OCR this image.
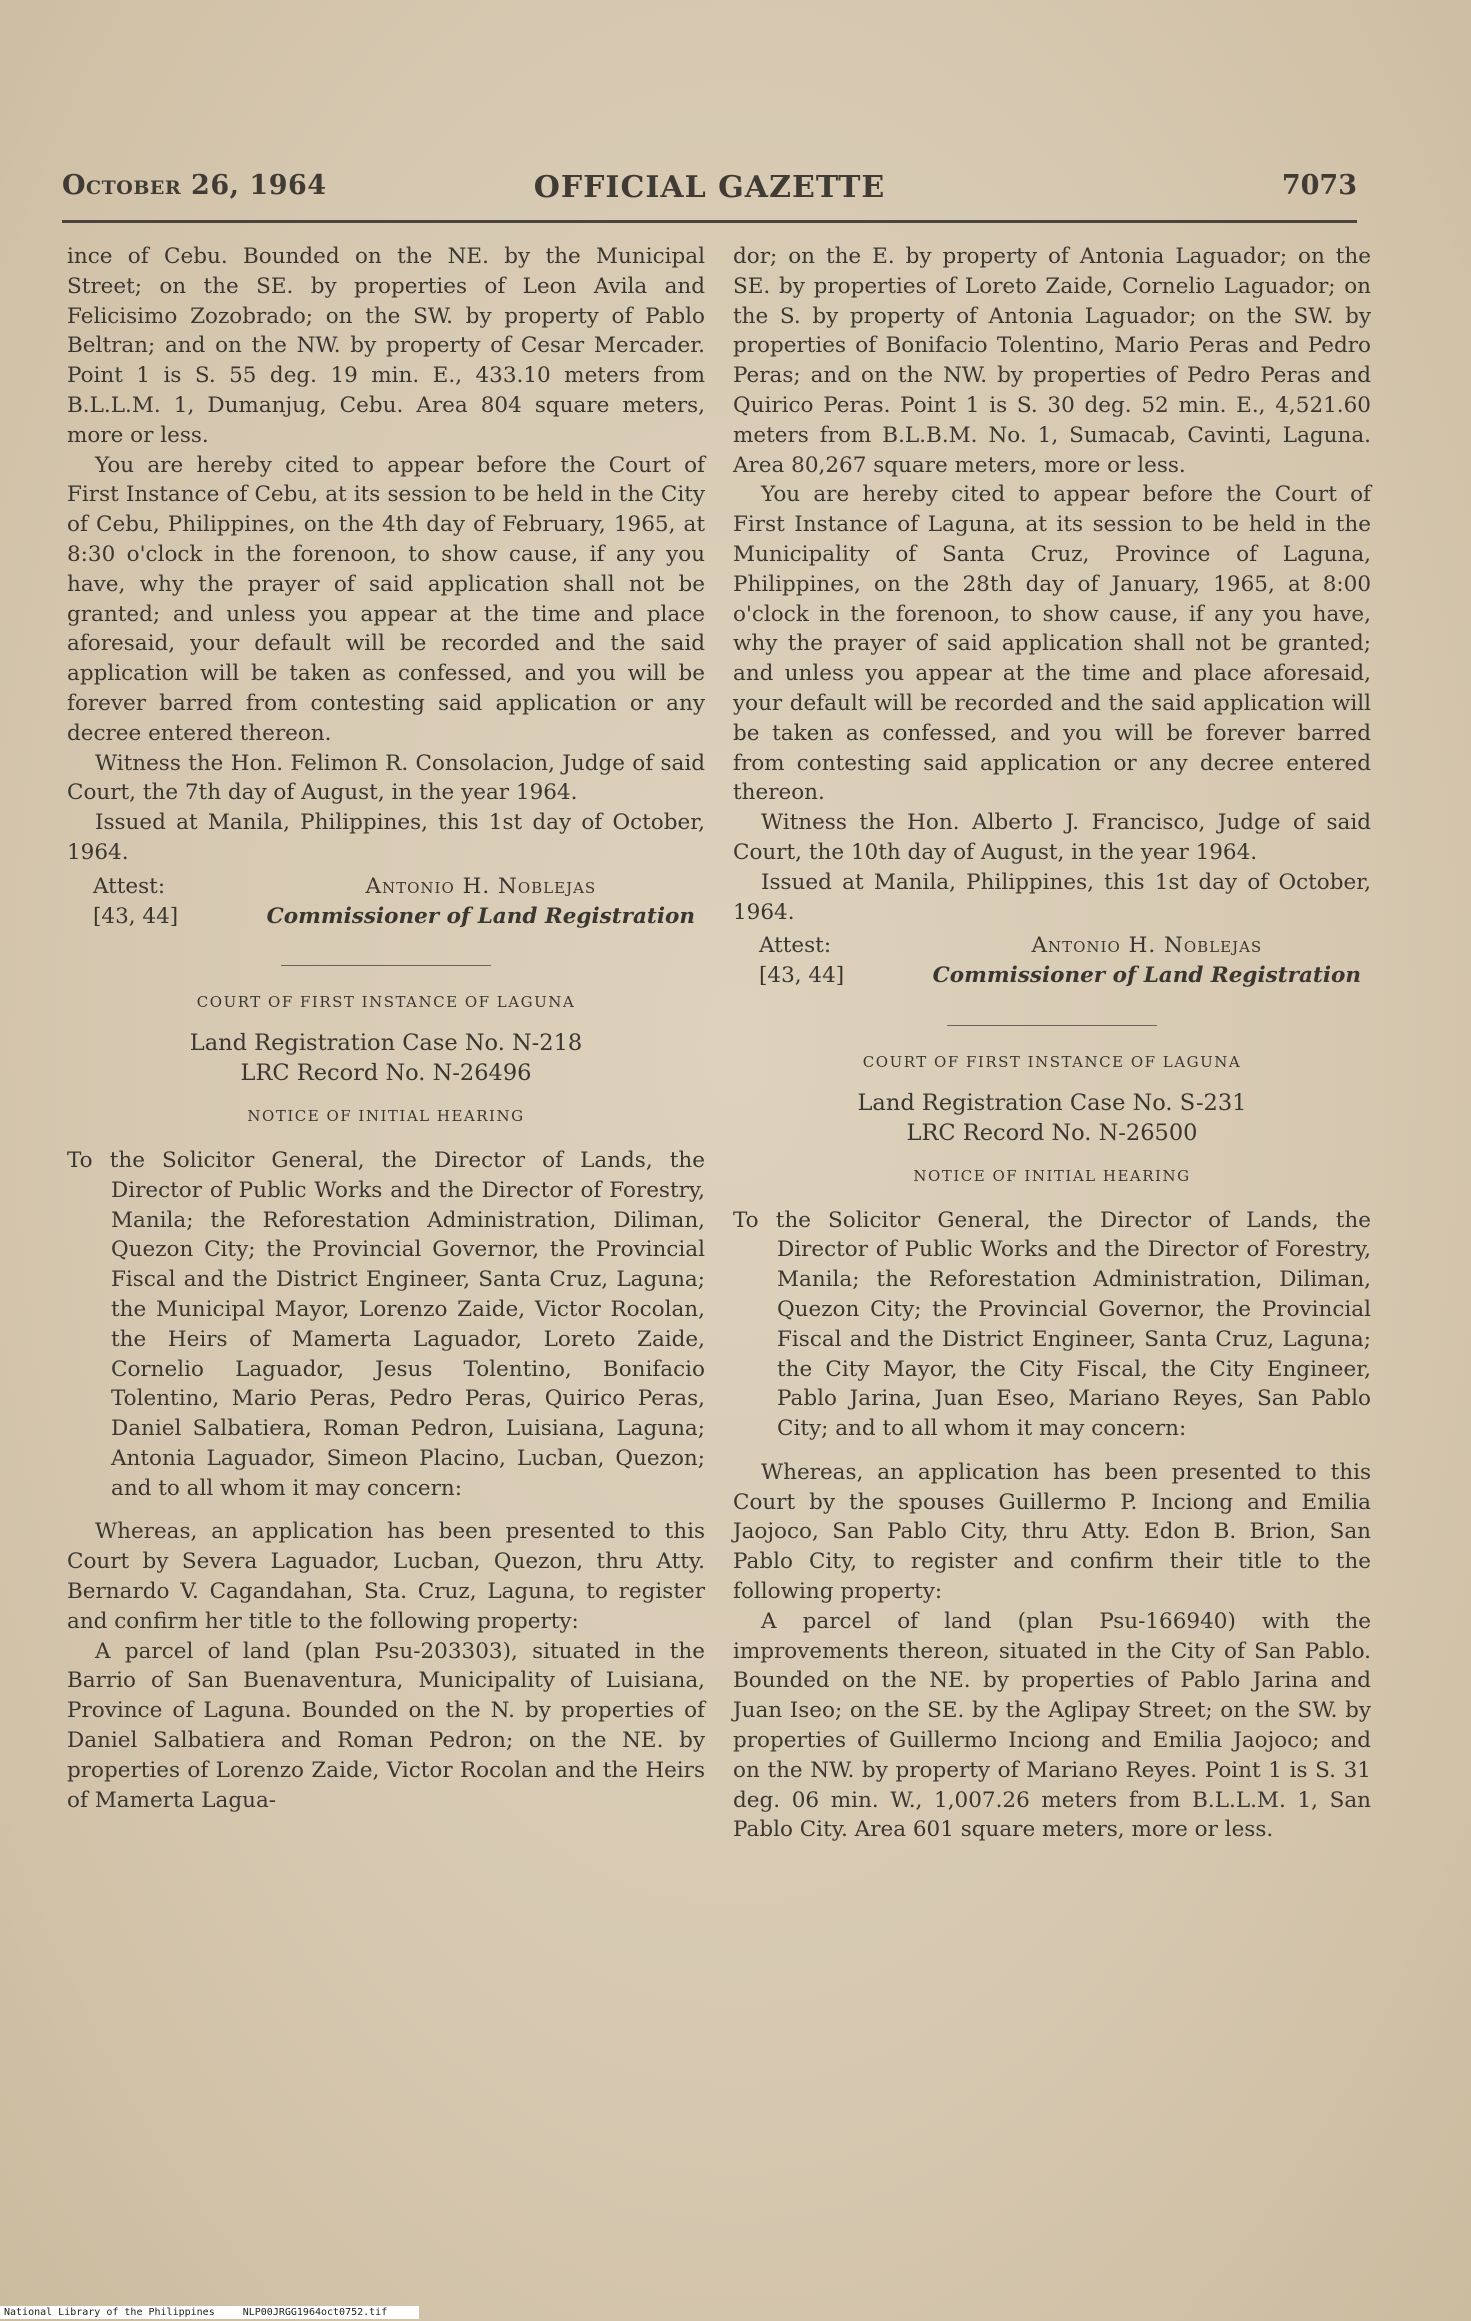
OFFICIAL GAZETTE
October 26, 1964	7073

ince of Cebu. Bounded on the NE. by the Municipal Street; on the SE. by properties of Leon Avila and Felicisimo Zozobrado; on the SW. by property of Pablo Beltran; and on the NW. by property of Cesar Mercader. Point 1 is S. 55 deg. 19 min. E., 433.10 meters from B.L.L.M. 1, Dumanjug, Cebu. Area 804 square meters, more or less.

You are hereby cited to appear before the Court of First Instance of Cebu, at its session to be held in the City of Cebu, Philippines, on the 4th day of February, 1965, at 8:30 o'clock in the forenoon, to show cause, if any you have, why the prayer of said application shall not be granted; and unless you appear at the time and place aforesaid, your default will be recorded and the said application will be taken as confessed, and you will be forever barred from contesting said application or any decree entered thereon.

Witness the Hon. Felimon R. Consolacion, Judge of said Court, the 7th day of August, in the year 1964.

Issued at Manila, Philippines, this 1st day of October, 1964.

Attest:
[43, 44]
Antonio H. Noblejas
Commissioner of Land Registration
COURT OF FIRST INSTANCE OF LAGUNA
Land Registration Case No. N-218
LRC Record No. N-26496
NOTICE OF INITIAL HEARING

To the Solicitor General, the Director of Lands, the Director of Public Works and the Director of Forestry, Manila; the Reforestation Administration, Diliman, Quezon City; the Provincial Governor, the Provincial Fiscal and the District Engineer, Santa Cruz, Laguna; the Municipal Mayor, Lorenzo Zaide, Victor Rocolan, the Heirs of Mamerta Laguador, Loreto Zaide, Cornelio Laguador, Jesus Tolentino, Bonifacio Tolentino, Mario Peras, Pedro Peras, Quirico Peras, Daniel Salbatiera, Roman Pedron, Luisiana, Laguna; Antonia Laguador, Simeon Placino, Lucban, Quezon; and to all whom it may concern:

Whereas, an application has been presented to this Court by Severa Laguador, Lucban, Quezon, thru Atty. Bernardo V. Cagandahan, Sta. Cruz, Laguna, to register and confirm her title to the following property:

A parcel of land (plan Psu-203303), situated in the Barrio of San Buenaventura, Municipality of Luisiana, Province of Laguna. Bounded on the N. by properties of Daniel Salbatiera and Roman Pedron; on the NE. by properties of Lorenzo Zaide, Victor Rocolan and the Heirs of Mamerta Lagua-

dor; on the E. by property of Antonia Laguador; on the SE. by properties of Loreto Zaide, Cornelio Laguador; on the S. by property of Antonia Laguador; on the SW. by properties of Bonifacio Tolentino, Mario Peras and Pedro Peras; and on the NW. by properties of Pedro Peras and Quirico Peras. Point 1 is S. 30 deg. 52 min. E., 4,521.60 meters from B.L.B.M. No. 1, Sumacab, Cavinti, Laguna. Area 80,267 square meters, more or less.

You are hereby cited to appear before the Court of First Instance of Laguna, at its session to be held in the Municipality of Santa Cruz, Province of Laguna, Philippines, on the 28th day of January, 1965, at 8:00 o'clock in the forenoon, to show cause, if any you have, why the prayer of said application shall not be granted; and unless you appear at the time and place aforesaid, your default will be recorded and the said application will be taken as confessed, and you will be forever barred from contesting said application or any decree entered thereon.

Witness the Hon. Alberto J. Francisco, Judge of said Court, the 10th day of August, in the year 1964.

Issued at Manila, Philippines, this 1st day of October, 1964.

Attest:
[43, 44]
Antonio H. Noblejas
Commissioner of Land Registration
COURT OF FIRST INSTANCE OF LAGUNA
Land Registration Case No. S-231
LRC Record No. N-26500
NOTICE OF INITIAL HEARING

To the Solicitor General, the Director of Lands, the Director of Public Works and the Director of Forestry, Manila; the Reforestation Administration, Diliman, Quezon City; the Provincial Governor, the Provincial Fiscal and the District Engineer, Santa Cruz, Laguna; the City Mayor, the City Fiscal, the City Engineer, Pablo Jarina, Juan Eseo, Mariano Reyes, San Pablo City; and to all whom it may concern:

Whereas, an application has been presented to this Court by the spouses Guillermo P. Inciong and Emilia Jaojoco, San Pablo City, thru Atty. Edon B. Brion, San Pablo City, to register and confirm their title to the following property:

A parcel of land (plan Psu-166940) with the improvements thereon, situated in the City of San Pablo. Bounded on the NE. by properties of Pablo Jarina and Juan Iseo; on the SE. by the Aglipay Street; on the SW. by properties of Guillermo Inciong and Emilia Jaojoco; and on the NW. by property of Mariano Reyes. Point 1 is S. 31 deg. 06 min. W., 1,007.26 meters from B.L.L.M. 1, San Pablo City. Area 601 square meters, more or less.

National Library of the Philippines	NLP00JRGG1964oct0752.tif
